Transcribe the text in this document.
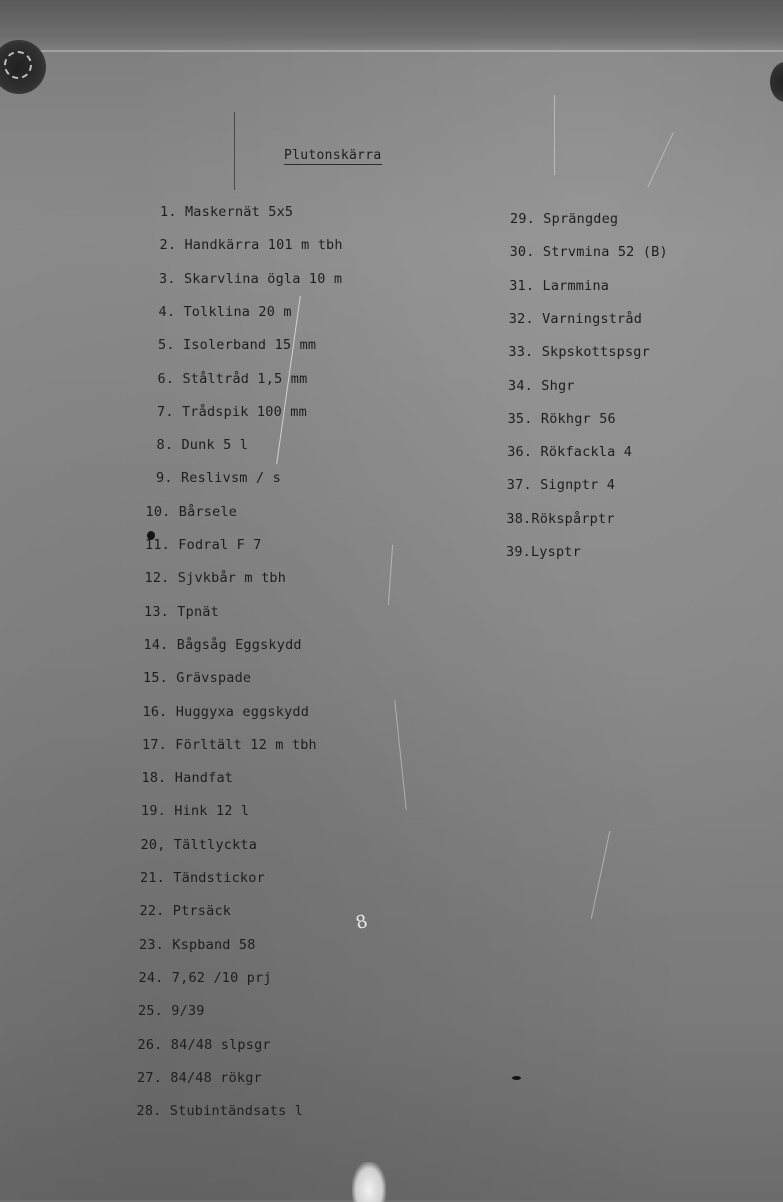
8
Plutonskärra
1. Maskernät 5x5
2. Handkärra 101 m tbh
3. Skarvlina ögla 10 m
4. Tolklina 20 m
5. Isolerband 15 mm
6. Ståltråd 1,5 mm
7. Trådspik 100 mm
8. Dunk 5 l
9. Reslivsm / s
10. Bårsele
11. Fodral F 7
12. Sjvkbår m tbh
13. Tpnät
14. Bågsåg Eggskydd
15. Grävspade
16. Huggyxa eggskydd
17. Förltält 12 m tbh
18. Handfat
19. Hink 12 l
20, Tältlyckta
21. Tändstickor
22. Ptrsäck
23. Kspband 58
24. 7,62 /10 prj
25. 9/39
26. 84/48 slpsgr
27. 84/48 rökgr
28. Stubintändsats l
29. Sprängdeg
30. Strvmina 52 (B)
31. Larmmina
32. Varningstråd
33. Skpskottspsgr
34. Shgr
35. Rökhgr 56
36. Rökfackla 4
37. Signptr 4
38.Rökspårptr
39.Lysptr
